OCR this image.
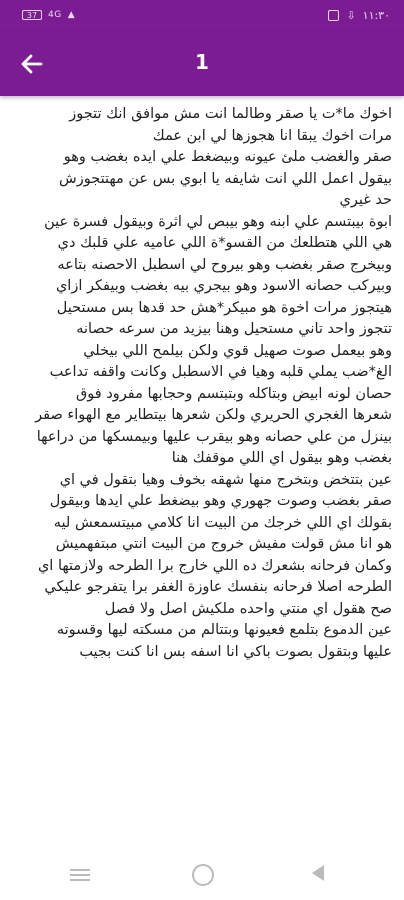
37	4G ▲	⇩ ١١:٣٠
1

اخوك ما*ت يا صقر وطالما انت مش موافق انك تتجوز

مرات اخوك يبقا انا هجوزها لي ابن عمك

صقر والغضب ملئ عيونه وبيضغط علي ايده بغضب وهو

بيقول اعمل اللي انت شايفه يا ابوي بس عن مهتتجوزش

حد غيري

ابوة بيبتسم علي ابنه وهو بيبص لي اثرة وبيقول فسرة عين

هي اللي هتطلعك من القسو*ة اللي عاميه علي قلبك دي

وبيخرج صقر بغضب وهو بيروح لي اسطبل الاحصنه بتاعه

وبيركب حصانه الاسود وهو بيجري بيه بغضب وبيفكر ازاي

هيتجوز مرات اخوة هو مبيكر*هش حد قدها بس مستحيل

تتجوز واحد تاني مستحيل وهنا بيزيد من سرعه حصانه

وهو بيعمل صوت صهيل قوي ولكن بيلمح اللي بيخلي

الغ*ضب يملي قلبه وهيا في الاسطبل وكانت واقفه تداعب

حصان لونه ابيض وبتاكله وبتبتسم وحجابها مفرود فوق

شعرها الغجري الحريري ولكن شعرها بيتطاير مع الهواء صقر

بينزل من علي حصانه وهو بيقرب عليها وبيمسكها من دراعها

بغضب وهو بيقول اي اللي موقفك هنا

عين بتتخض وبتخرج منها شهقه بخوف وهيا بتقول في اي

صقر بغضب وصوت جهوري وهو بيضغط علي ايدها وبيقول

بقولك اي اللي خرجك من البيت انا كلامي مبيتسمعش ليه

هو انا مش قولت مفيش خروج من البيت انتي مبتفهميش

وكمان فرحانه بشعرك ده اللي خارج برا الطرحه ولازمتها اي

الطرحه اصلا فرحانه بنفسك عاوزة الغفر برا يتفرجو عليكي

صح هقول اي منتي واحده ملكيش اصل ولا فصل

عين الدموع بتلمع فعيونها وبتتالم من مسكته ليها وقسوته

عليها وبتقول بصوت باكي انا اسفه بس انا كنت بجيب
